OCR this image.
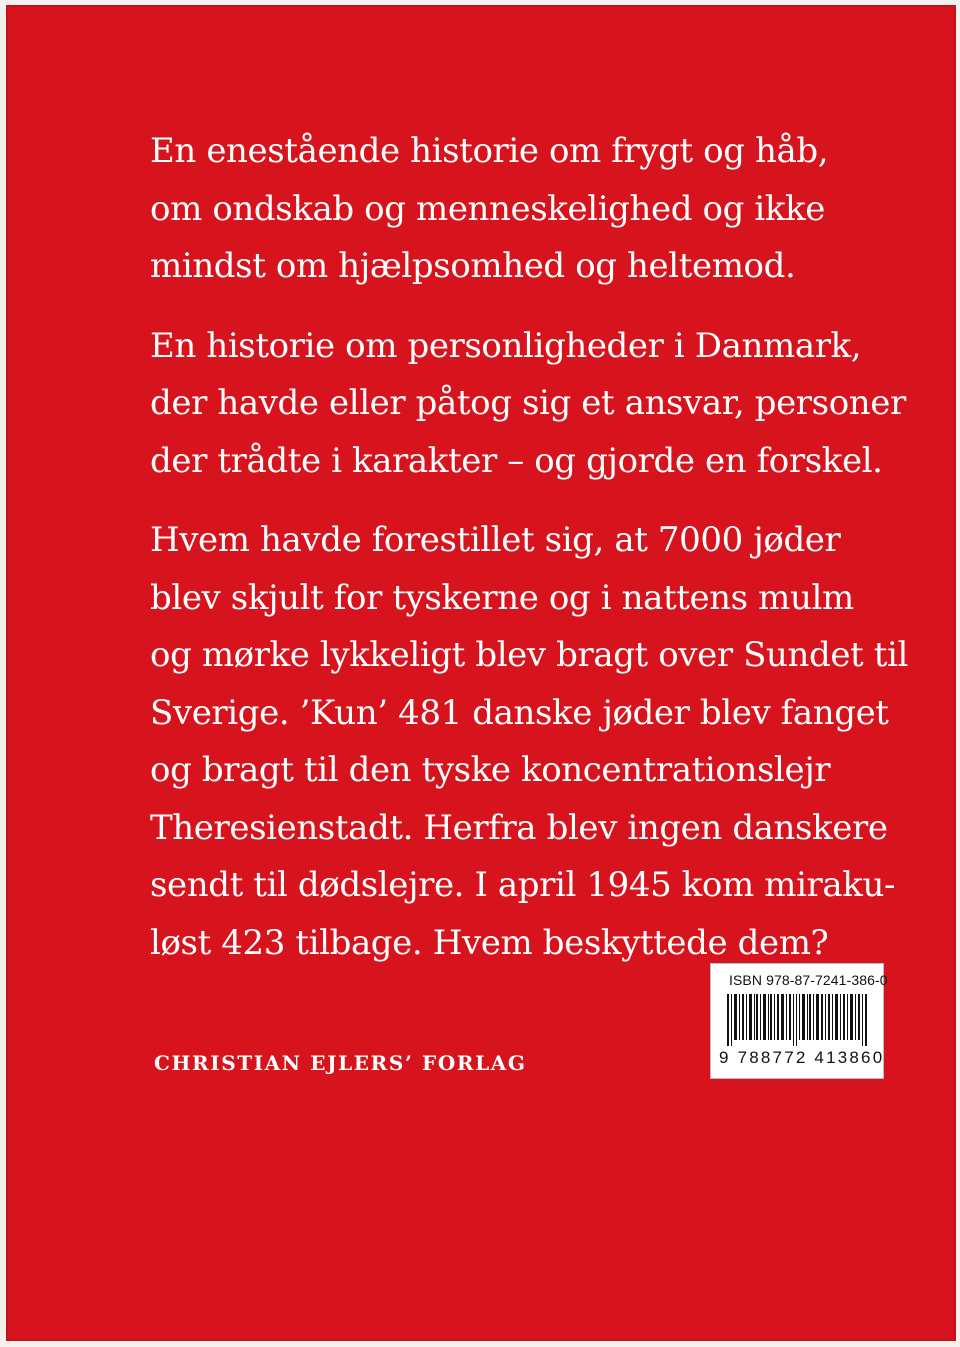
En enestående historie om frygt og håb,
om ondskab og menneskelighed og ikke
mindst om hjælpsomhed og heltemod.

En historie om personligheder i Danmark,
der havde eller påtog sig et ansvar, personer
der trådte i karakter – og gjorde en forskel.

Hvem havde forestillet sig, at 7000 jøder
blev skjult for tyskerne og i nattens mulm
og mørke lykkeligt blev bragt over Sundet til
Sverige. ’Kun’ 481 danske jøder blev fanget
og bragt til den tyske koncentrationslejr
Theresienstadt. Herfra blev ingen danskere
sendt til dødslejre. I april 1945 kom miraku-
løst 423 tilbage. Hvem beskyttede dem?

CHRISTIAN EJLERS’ FORLAG
ISBN 978-87-7241-386-0
9 788772 413860
